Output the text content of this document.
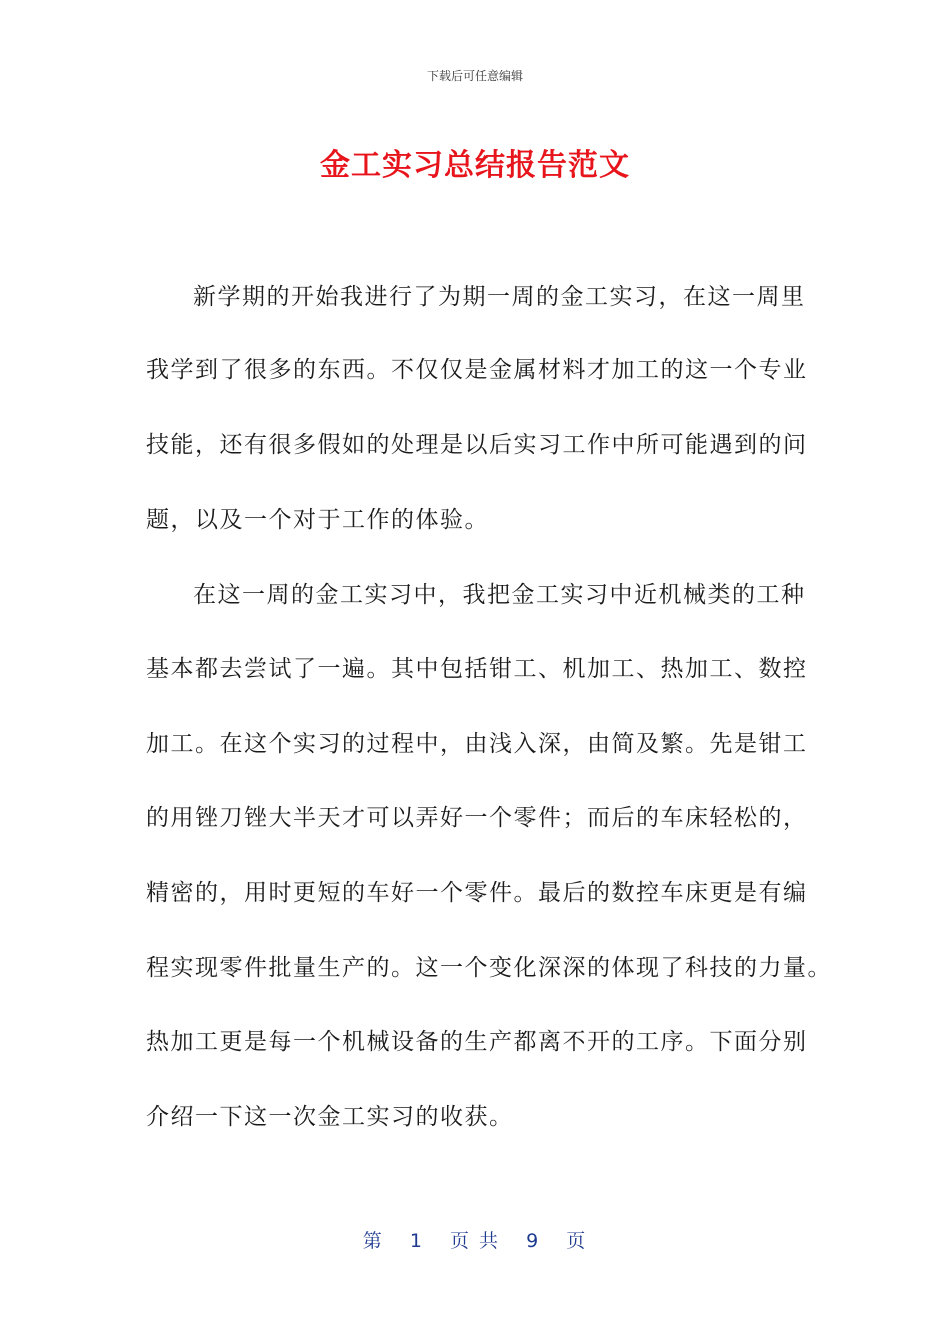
下载后可任意编辑
金工实习总结报告范文
新学期的开始我进行了为期一周的金工实习，在这一周里
我学到了很多的东西。不仅仅是金属材料才加工的这一个专业
技能，还有很多假如的处理是以后实习工作中所可能遇到的问
题，以及一个对于工作的体验。
在这一周的金工实习中，我把金工实习中近机械类的工种
基本都去尝试了一遍。其中包括钳工、机加工、热加工、数控
加工。在这个实习的过程中，由浅入深，由简及繁。先是钳工
的用锉刀锉大半天才可以弄好一个零件；而后的车床轻松的，
精密的，用时更短的车好一个零件。最后的数控车床更是有编
程实现零件批量生产的。这一个变化深深的体现了科技的力量。
热加工更是每一个机械设备的生产都离不开的工序。下面分别
介绍一下这一次金工实习的收获。
第 1 页 共 9 页
